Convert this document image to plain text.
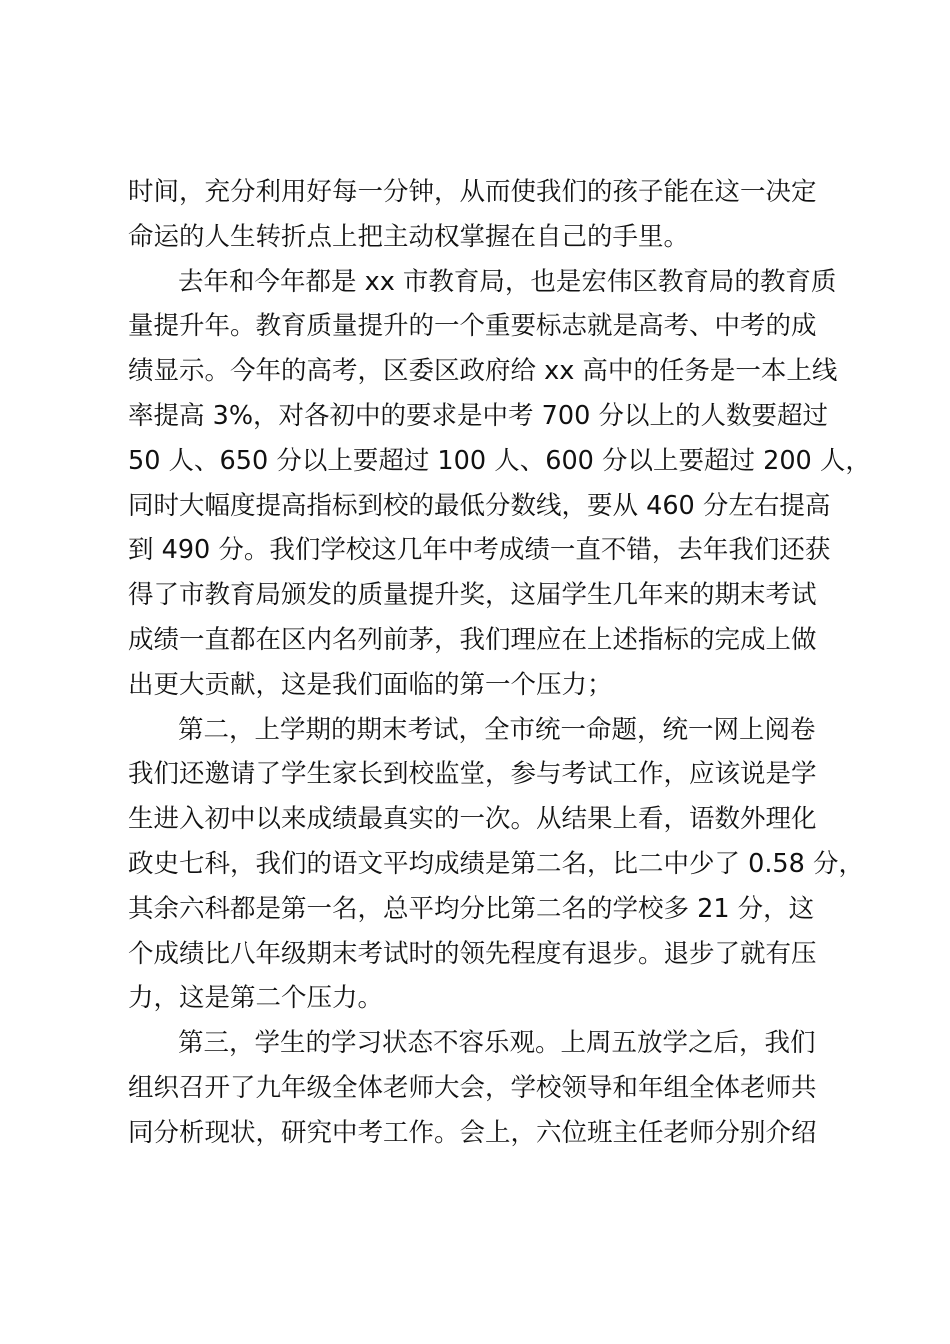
时间，充分利用好每一分钟，从而使我们的孩子能在这一决定
命运的人生转折点上把主动权掌握在自己的手里。
去年和今年都是 xx 市教育局，也是宏伟区教育局的教育质
量提升年。教育质量提升的一个重要标志就是高考、中考的成
绩显示。今年的高考，区委区政府给 xx 高中的任务是一本上线
率提高 3%，对各初中的要求是中考 700 分以上的人数要超过
50 人、650 分以上要超过 100 人、600 分以上要超过 200 人，
同时大幅度提高指标到校的最低分数线，要从 460 分左右提高
到 490 分。我们学校这几年中考成绩一直不错，去年我们还获
得了市教育局颁发的质量提升奖，这届学生几年来的期末考试
成绩一直都在区内名列前茅，我们理应在上述指标的完成上做
出更大贡献，这是我们面临的第一个压力；
第二，上学期的期末考试，全市统一命题，统一网上阅卷
我们还邀请了学生家长到校监堂，参与考试工作，应该说是学
生进入初中以来成绩最真实的一次。从结果上看，语数外理化
政史七科，我们的语文平均成绩是第二名，比二中少了 0.58 分，
其余六科都是第一名，总平均分比第二名的学校多 21 分，这
个成绩比八年级期末考试时的领先程度有退步。退步了就有压
力，这是第二个压力。
第三，学生的学习状态不容乐观。上周五放学之后，我们
组织召开了九年级全体老师大会，学校领导和年组全体老师共
同分析现状，研究中考工作。会上，六位班主任老师分别介绍
